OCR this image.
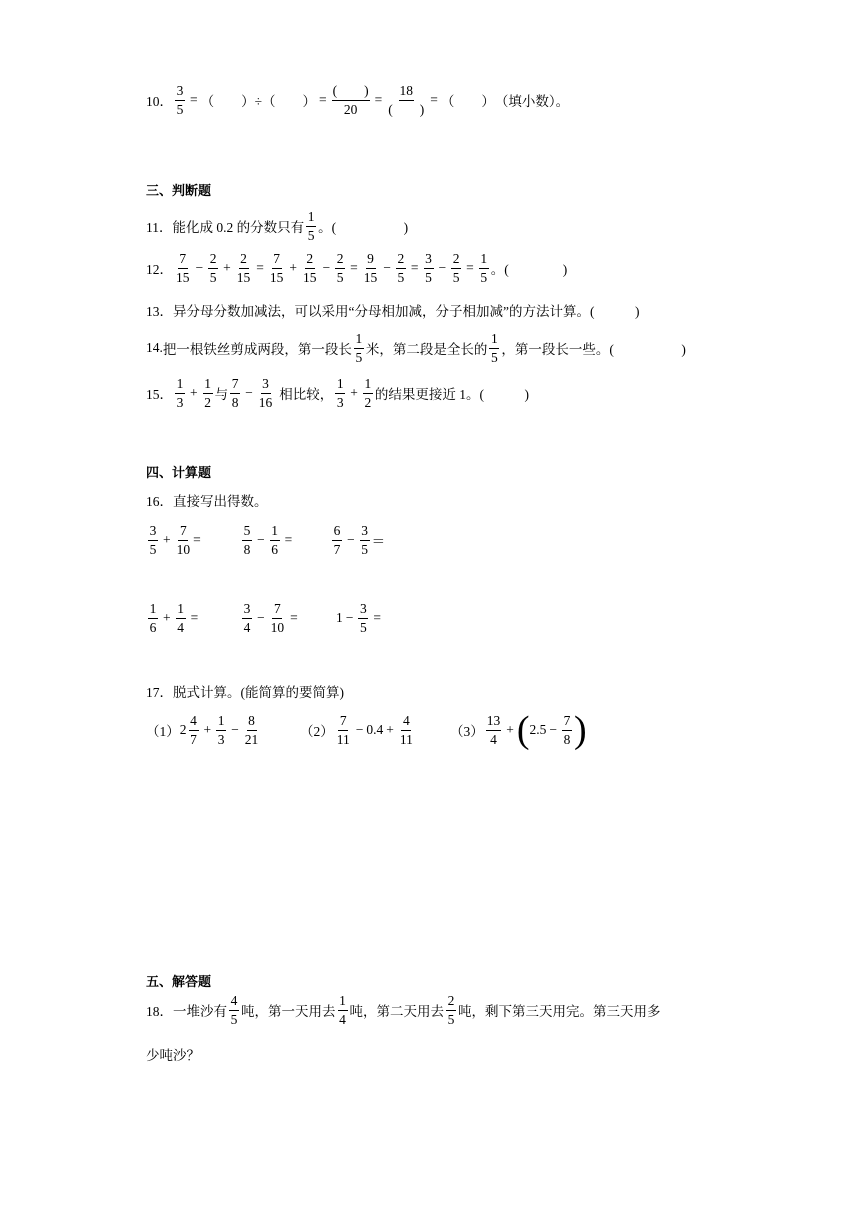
10． $\frac{3}{5}$ = （　　）÷（　　） = $\frac{( )}{20} = \frac{18}{( )}$ = （　　） （填小数）。
三、判断题
11． 能化成 0.2 的分数只有 $\frac{1}{5}$ 。(　　　　　)
12． $\frac{7}{15} - \frac{2}{5} + \frac{2}{15} = \frac{7}{15} + \frac{2}{15} - \frac{2}{5} = \frac{9}{15} - \frac{2}{5} = \frac{3}{5} - \frac{2}{5} = \frac{1}{5}$ 。(　　　　)
13．异分母分数加减法，可以采用“分母相加减，分子相加减”的方法计算。(　　　)
14. 把一根铁丝剪成两段，第一段长 $\frac{1}{5}$ 米，第二段是全长的 $\frac{1}{5}$ ，第一段长一些。(　　　　　)
15． $\frac{1}{3} + \frac{1}{2}$ 与 $\frac{7}{8} - \frac{3}{16}$ 相比较， $\frac{1}{3} + \frac{1}{2}$ 的结果更接近 1。(　　　)
四、计算题
16．直接写出得数。
$\frac{3}{5} + \frac{7}{10}$ =	$\frac{5}{8} - \frac{1}{6}$ =	$\frac{6}{7} - \frac{3}{5}$ ＝
$\frac{1}{6} + \frac{1}{4}$ =	$\frac{3}{4} - \frac{7}{10}$ =	$1 - \frac{3}{5}$ =
17．脱式计算。(能简算的要简算)
（1） $2 \frac{4}{7} + \frac{1}{3} - \frac{8}{21}$	$(2) \frac{7}{11} - 0.4 + \frac{4}{11}$	$(3) \frac{13}{4}$ + ( $2.5 - \frac{7}{8}$ )
五、解答题
18． 一堆沙有 $\frac{4}{5}$ 吨，第一天用去 $\frac{1}{4}$ 吨，第二天用去 $\frac{2}{5}$ 吨，剩下第三天用完。第三天用多
少吨沙？
